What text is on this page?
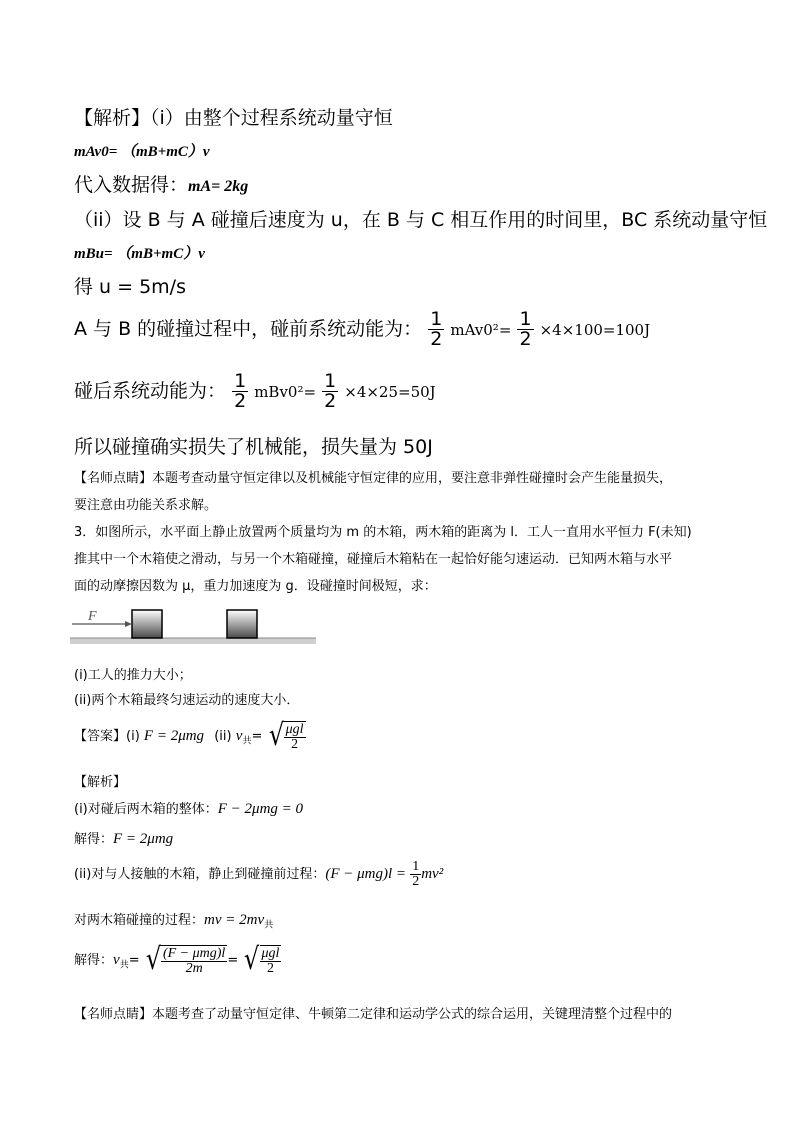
【解析】（i）由整个过程系统动量守恒
mAv0= （mB+mC）v
代入数据得：mA= 2kg
（ii）设 B 与 A 碰撞后速度为 u，在 B 与 C 相互作用的时间里，BC 系统动量守恒
mBu= （mB+mC）v
得 u = 5m/s
A 与 B 的碰撞过程中，碰前系统动能为： $\frac{1}{2} mAv0^2= \frac{1}{2} \times 4\times 100=100J$
碰后系统动能为： $\frac{1}{2} mBv0^2= \frac{1}{2} \times 4\times 25=50J$
所以碰撞确实损失了机械能，损失量为 50J
【名师点睛】本题考查动量守恒定律以及机械能守恒定律的应用，要注意非弹性碰撞时会产生能量损失，
要注意由功能关系求解。
3．如图所示，水平面上静止放置两个质量均为 m 的木箱，两木箱的距离为 l．工人一直用水平恒力 F(未知)
推其中一个木箱使之滑动，与另一个木箱碰撞，碰撞后木箱粘在一起恰好能匀速运动．已知两木箱与水平
面的动摩擦因数为 μ，重力加速度为 g．设碰撞时间极短，求：
F
(i)工人的推力大小；
(ii)两个木箱最终匀速运动的速度大小．
【答案】(i) F = 2μmg (ii) $v_共=$ √ $\frac{\text{μgl}}{2}$
【解析】
(i)对碰后两木箱的整体：F − 2μmg = 0
解得：F = 2μmg
(ii)对与人接触的木箱，静止到碰撞前过程：$(F - \mu mg)l = \frac{1}{2} mv^2$
对两木箱碰撞的过程：mv = $2mv_共$
解得：$v_共=$ √ $\frac{\text{(F − μmg)l}}{2m}$ = √ $\frac{\text{μgl}}{2}$
【名师点睛】本题考查了动量守恒定律、牛顿第二定律和运动学公式的综合运用，关键理清整个过程中的
